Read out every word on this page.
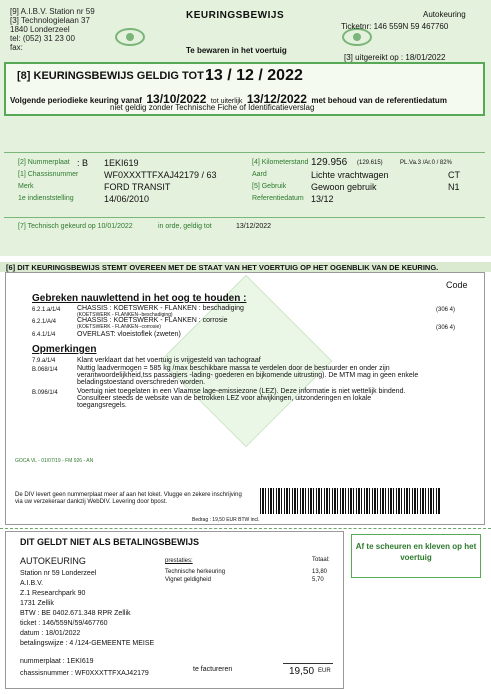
[9] A.I.B.V. Station nr 59
[3] Technologielaan 37
1840 Londerzeel
tel: (052) 31 23 00
fax:
KEURINGSBEWIJS	Autokeuring
Ticketnr: 146 559N 59 467760
Te bewaren in het voertuig
[3] uitgereikt op : 18/01/2022
[8] KEURINGSBEWIJS GELDIG TOT :
13 / 12 / 2022
Volgende periodieke keuring vanaf 13/10/2022 tot uiterlijk 13/12/2022 met behoud van de referentiedatum
niet geldig zonder Technische Fiche of Identificatieverslag
[2] Nummerplaat : B 1EKI619
[1] Chassisnummer	WF0XXXTTFXAJ42179 / 63
Merk	FORD TRANSIT
1e indienststelling	14/06/2010
[4] Kilometerstand 129.956 (129.615)	PL.Va.3 /Ar.0 / 82%
Aard	Lichte vrachtwagen	CT
[5] Gebruik	Gewoon gebruik	N1
Referentiedatum 13/12
[7] Technisch gekeurd op 10/01/2022	in orde, geldig tot	13/12/2022
[6] DIT KEURINGSBEWIJS STEMT OVEREEN MET DE STAAT VAN HET VOERTUIG OP HET OGENBLIK VAN DE KEURING.
Code
Gebreken nauwlettend in het oog te houden :
6.2.1.a/1/4 CHASSIS : KOETSWERK - FLANKEN : beschadiging
(KOETSWERK - FLANKEN--beschadiging)
(306 4)
6.2.1/A/4	CHASSIS : KOETSWERK - FLANKEN : corrosie
(KOETSWERK - FLANKEN--corrosie)	(306 4)
6.4.1/1/4	OVERLAST: vloeistoflek (zweten)
Opmerkingen
7.9.a/1/4	Klant verklaart dat het voertuig is vrijgesteld van tachograaf
B.068/1/4	Nuttig laadvermogen = 585 kg /max beschikbare massa te verdelen door de bestuurder en onder zijn verantwoordelijkheid,tss passagiers -lading- goederen en bijkomende uitrusting). De MTM mag in geen enkele beladingstoestand overschreden worden.
B.096/1/4	Voertuig niet toegelaten in een Vlaamse lage-emissiezone (LEZ). Deze informatie is niet wettelijk bindend. Consulteer steeds de website van de betrokken LEZ voor afwijkingen, uitzonderingen en lokale toegangsregels.
GOCA VL - 01/07/19 - FM 926 - AN
De DIV levert geen nummerplaat meer af aan het loket. Vlugge en zekere inschrijving via uw verzekeraar dankzij WebDIV. Levering door bpost.
Bedrag : 19,50 EUR BTW incl.
DIT GELDT NIET ALS BETALINGSBEWIJS
AUTOKEURING
Station nr 59 Londerzeel
A.I.B.V.
Z.1 Researchpark 90
1731 Zellik
BTW : BE 0402.671.348 RPR Zellik
ticket : 146/559N/59/467760
datum : 18/01/2022
betalingswijze : 4 /124-GEMEENTE MEISE
prestaties:	Totaal:
Technische herkeuring	13,80
Vignet geldigheid	5,70
nummerplaat : 1EKI619
chassisnummer : WF0XXXTTFXAJ42179
te factureren	19,50 EUR
Af te scheuren en kleven op het voertuig
